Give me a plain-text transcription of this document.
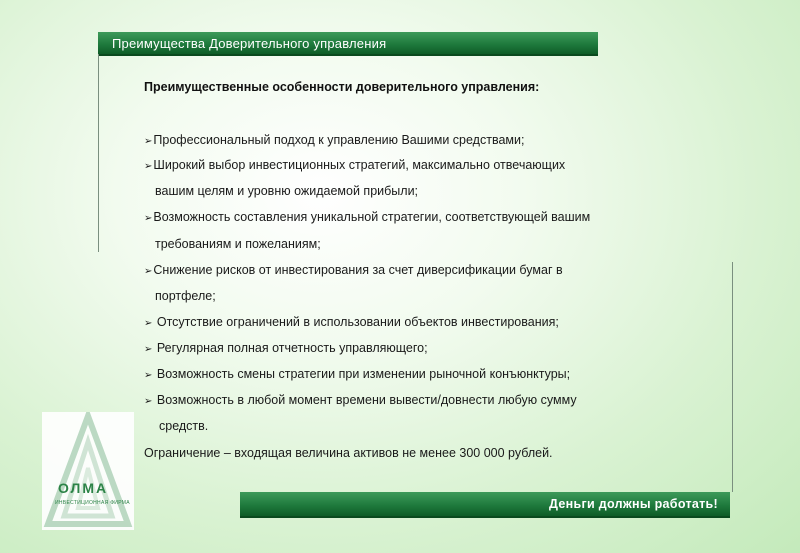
Преимущества Доверительного управления
Преимущественные особенности доверительного управления:
➢Профессиональный подход к управлению Вашими средствами;
➢Широкий выбор инвестиционных стратегий, максимально отвечающих
вашим целям и уровню ожидаемой прибыли;
➢Возможность составления уникальной стратегии, соответствующей вашим
требованиям и пожеланиям;
➢Снижение рисков от инвестирования за счет диверсификации бумаг в
портфеле;
➢ Отсутствие ограничений в использовании объектов инвестирования;
➢ Регулярная полная отчетность управляющего;
➢ Возможность смены стратегии при изменении рыночной конъюнктуры;
➢ Возможность в любой момент времени вывести/довнести любую сумму
средств.
Ограничение – входящая величина активов не менее 300 000 рублей.
ОЛМА
ИНВЕСТИЦИОННАЯ ФИРМА	Деньги должны работать!
